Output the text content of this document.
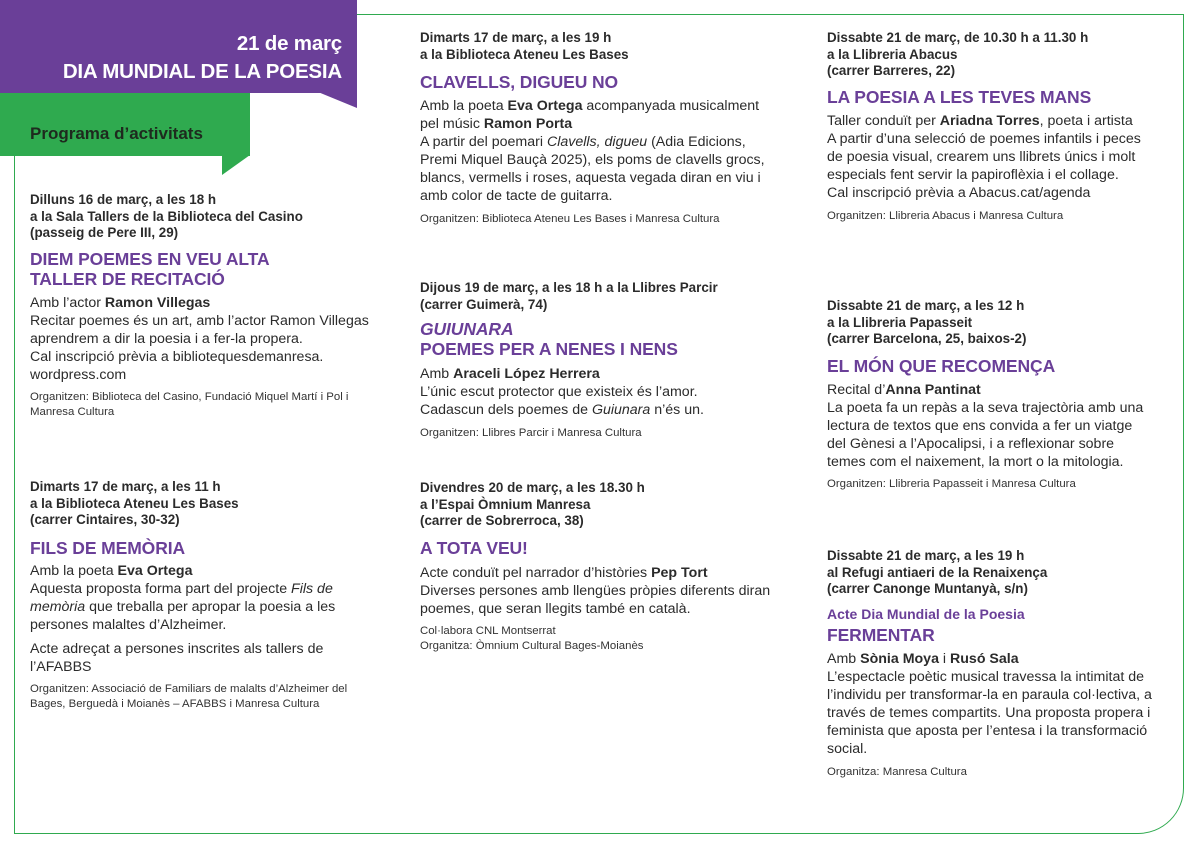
21 de març
DIA MUNDIAL DE LA POESIA
Programa d’activitats
Dilluns 16 de març, a les 18 h
a la Sala Tallers de la Biblioteca del Casino
(passeig de Pere III, 29)
DIEM POEMES EN VEU ALTA
TALLER DE RECITACIÓ

Amb l’actor Ramon Villegas

Recitar poemes és un art, amb l’actor Ramon Villegas aprendrem a dir la poesia i a fer-la propera.

Cal inscripció prèvia a bibliotequesdemanresa. wordpress.com

Organitzen: Biblioteca del Casino, Fundació Miquel Martí i Pol i Manresa Cultura
Dimarts 17 de març, a les 11 h
a la Biblioteca Ateneu Les Bases
(carrer Cintaires, 30-32)
FILS DE MEMÒRIA

Amb la poeta Eva Ortega

Aquesta proposta forma part del projecte Fils de memòria que treballa per apropar la poesia a les persones malaltes d’Alzheimer.

Acte adreçat a persones inscrites als tallers de l’AFABBS

Organitzen: Associació de Familiars de malalts d’Alzheimer del Bages, Berguedà i Moianès – AFABBS i Manresa Cultura
Dimarts 17 de març, a les 19 h
a la Biblioteca Ateneu Les Bases
CLAVELLS, DIGUEU NO

Amb la poeta Eva Ortega acompanyada musicalment pel músic Ramon Porta

A partir del poemari Clavells, digueu (Adia Edicions, Premi Miquel Bauçà 2025), els poms de clavells grocs, blancs, vermells i roses, aquesta vegada diran en viu i amb color de tacte de guitarra.

Organitzen: Biblioteca Ateneu Les Bases i Manresa Cultura
Dijous 19 de març, a les 18 h a la Llibres Parcir
(carrer Guimerà, 74)
GUIUNARA
POEMES PER A NENES I NENS

Amb Araceli López Herrera

L’únic escut protector que existeix és l’amor.

Cadascun dels poemes de Guiunara n’és un.

Organitzen: Llibres Parcir i Manresa Cultura
Divendres 20 de març, a les 18.30 h
a l’Espai Òmnium Manresa
(carrer de Sobrerroca, 38)
A TOTA VEU!

Acte conduït pel narrador d’històries Pep Tort

Diverses persones amb llengües pròpies diferents diran poemes, que seran llegits també en català.

Col·labora CNL Montserrat
Organitza: Òmnium Cultural Bages-Moianès
Dissabte 21 de març, de 10.30 h a 11.30 h
a la Llibreria Abacus
(carrer Barreres, 22)
LA POESIA A LES TEVES MANS

Taller conduït per Ariadna Torres, poeta i artista

A partir d’una selecció de poemes infantils i peces de poesia visual, crearem uns llibrets únics i molt especials fent servir la papiroflèxia i el collage.

Cal inscripció prèvia a Abacus.cat/agenda

Organitzen: Llibreria Abacus i Manresa Cultura
Dissabte 21 de març, a les 12 h
a la Llibreria Papasseit
(carrer Barcelona, 25, baixos-2)
EL MÓN QUE RECOMENÇA

Recital d’Anna Pantinat

La poeta fa un repàs a la seva trajectòria amb una lectura de textos que ens convida a fer un viatge del Gènesi a l’Apocalipsi, i a reflexionar sobre temes com el naixement, la mort o la mitologia.

Organitzen: Llibreria Papasseit i Manresa Cultura
Dissabte 21 de març, a les 19 h
al Refugi antiaeri de la Renaixença
(carrer Canonge Muntanyà, s/n)
Acte Dia Mundial de la Poesia
FERMENTAR

Amb Sònia Moya i Rusó Sala

L’espectacle poètic musical travessa la intimitat de l’individu per transformar-la en paraula col·lectiva, a través de temes compartits. Una proposta propera i feminista que aposta per l’entesa i la transformació social.

Organitza: Manresa Cultura
